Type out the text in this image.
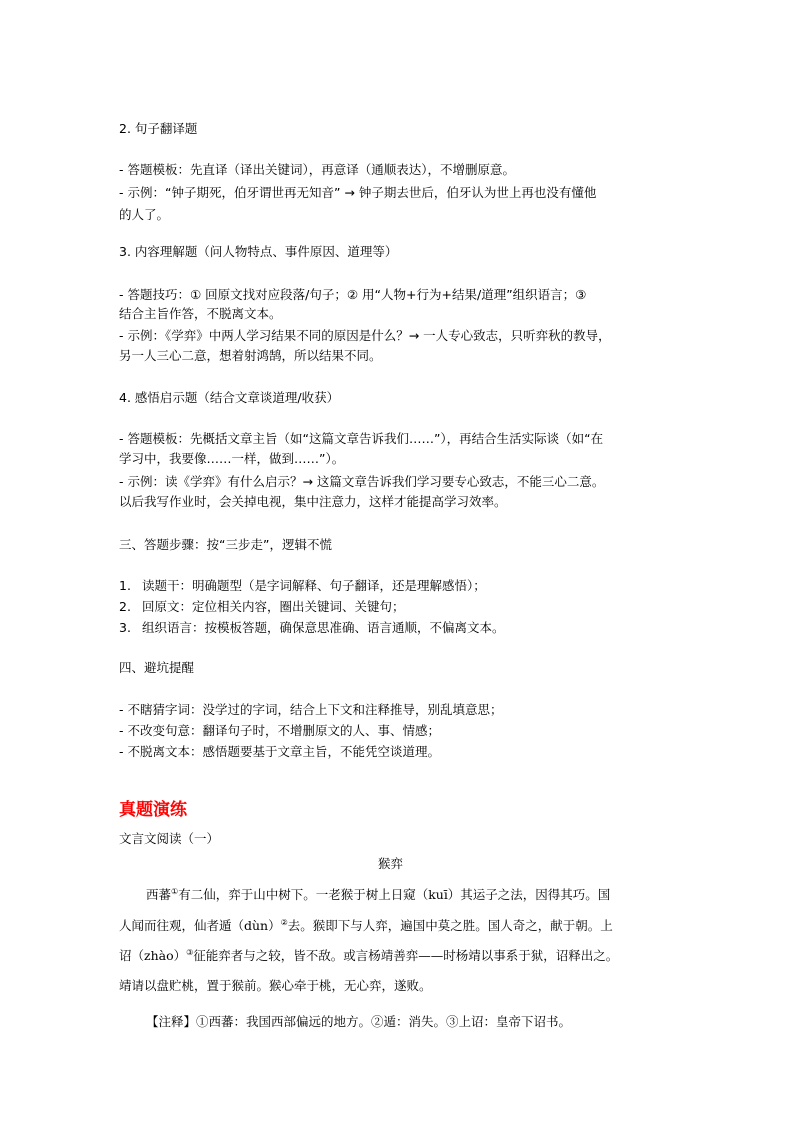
2. 句子翻译题
- 答题模板：先直译（译出关键词），再意译（通顺表达），不增删原意。
- 示例：“钟子期死，伯牙谓世再无知音” → 钟子期去世后，伯牙认为世上再也没有懂他
的人了。
3. 内容理解题（问人物特点、事件原因、道理等）
- 答题技巧：① 回原文找对应段落/句子；② 用“人物+行为+结果/道理”组织语言；③
结合主旨作答，不脱离文本。
- 示例：《学弈》中两人学习结果不同的原因是什么？→ 一人专心致志，只听弈秋的教导，
另一人三心二意，想着射鸿鹄，所以结果不同。
4. 感悟启示题（结合文章谈道理/收获）
- 答题模板：先概括文章主旨（如“这篇文章告诉我们……”），再结合生活实际谈（如“在
学习中，我要像……一样，做到……”）。
- 示例：读《学弈》有什么启示？→ 这篇文章告诉我们学习要专心致志，不能三心二意。
以后我写作业时，会关掉电视，集中注意力，这样才能提高学习效率。
三、答题步骤：按“三步走”，逻辑不慌
1. 读题干：明确题型（是字词解释、句子翻译，还是理解感悟）；
2. 回原文：定位相关内容，圈出关键词、关键句；
3. 组织语言：按模板答题，确保意思准确、语言通顺，不偏离文本。
四、避坑提醒
- 不瞎猜字词：没学过的字词，结合上下文和注释推导，别乱填意思；
- 不改变句意：翻译句子时，不增删原文的人、事、情感；
- 不脱离文本：感悟题要基于文章主旨，不能凭空谈道理。
真题演练
文言文阅读（一）
猴弈
西蕃①有二仙，弈于山中树下。一老猴于树上日窥（kuī）其运子之法，因得其巧。国
人闻而往观，仙者遁（dùn）②去。猴即下与人弈，遍国中莫之胜。国人奇之，献于朝。上
诏（zhào）③征能弈者与之较，皆不敌。或言杨靖善弈——时杨靖以事系于狱，诏释出之。
靖请以盘贮桃，置于猴前。猴心牵于桃，无心弈，遂败。
【注释】①西蕃：我国西部偏远的地方。②遁：消失。③上诏：皇帝下诏书。
